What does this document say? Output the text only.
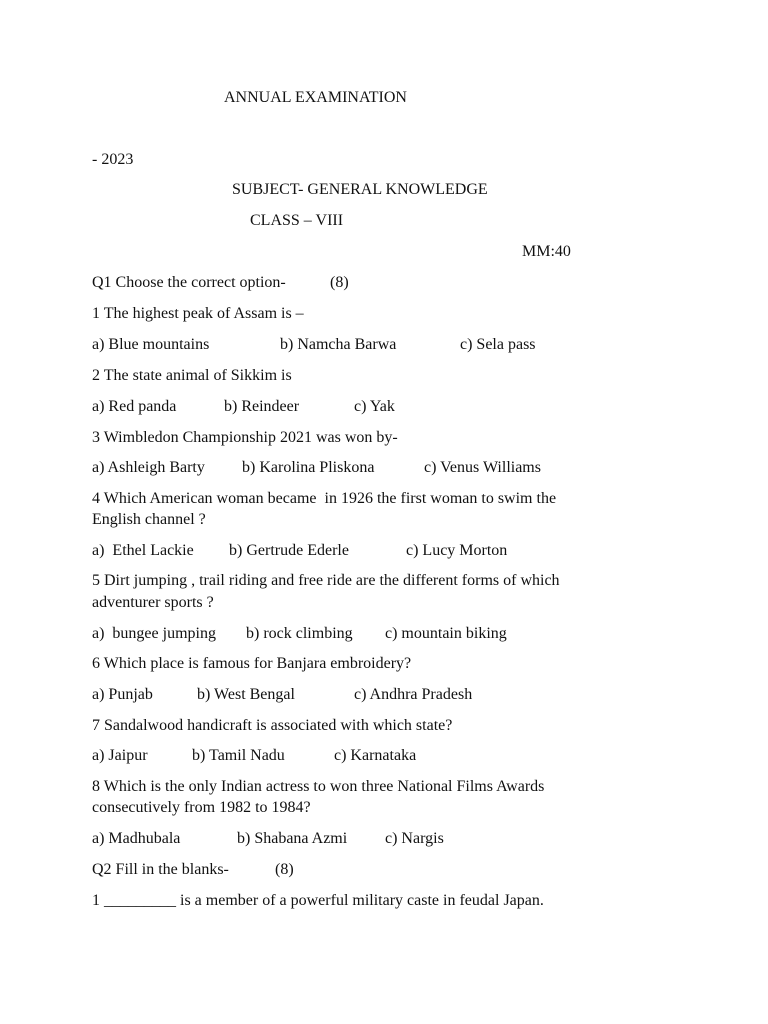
ANNUAL EXAMINATION
- 2023
SUBJECT- GENERAL KNOWLEDGE
CLASS – VIII
MM:40
Q1 Choose the correct option-	(8)
1 The highest peak of Assam is –
a) Blue mountains	b) Namcha Barwa	c) Sela pass
2 The state animal of Sikkim is
a) Red panda	b) Reindeer	c) Yak
3 Wimbledon Championship 2021 was won by-
a) Ashleigh Barty b) Karolina Pliskona	c) Venus Williams
4 Which American woman became  in 1926 the first woman to swim the
English channel ?
a)  Ethel Lackie b) Gertrude Ederle	c) Lucy Morton
5 Dirt jumping , trail riding and free ride are the different forms of which
adventurer sports ?
a)  bungee jumping b) rock climbing c) mountain biking
6 Which place is famous for Banjara embroidery?
a) Punjab	b) West Bengal	c) Andhra Pradesh
7 Sandalwood handicraft is associated with which state?
a) Jaipur	b) Tamil Nadu	c) Karnataka
8 Which is the only Indian actress to won three National Films Awards
consecutively from 1982 to 1984?
a) Madhubala	b) Shabana Azmi c) Nargis
Q2 Fill in the blanks-	(8)
1 _________ is a member of a powerful military caste in feudal Japan.
